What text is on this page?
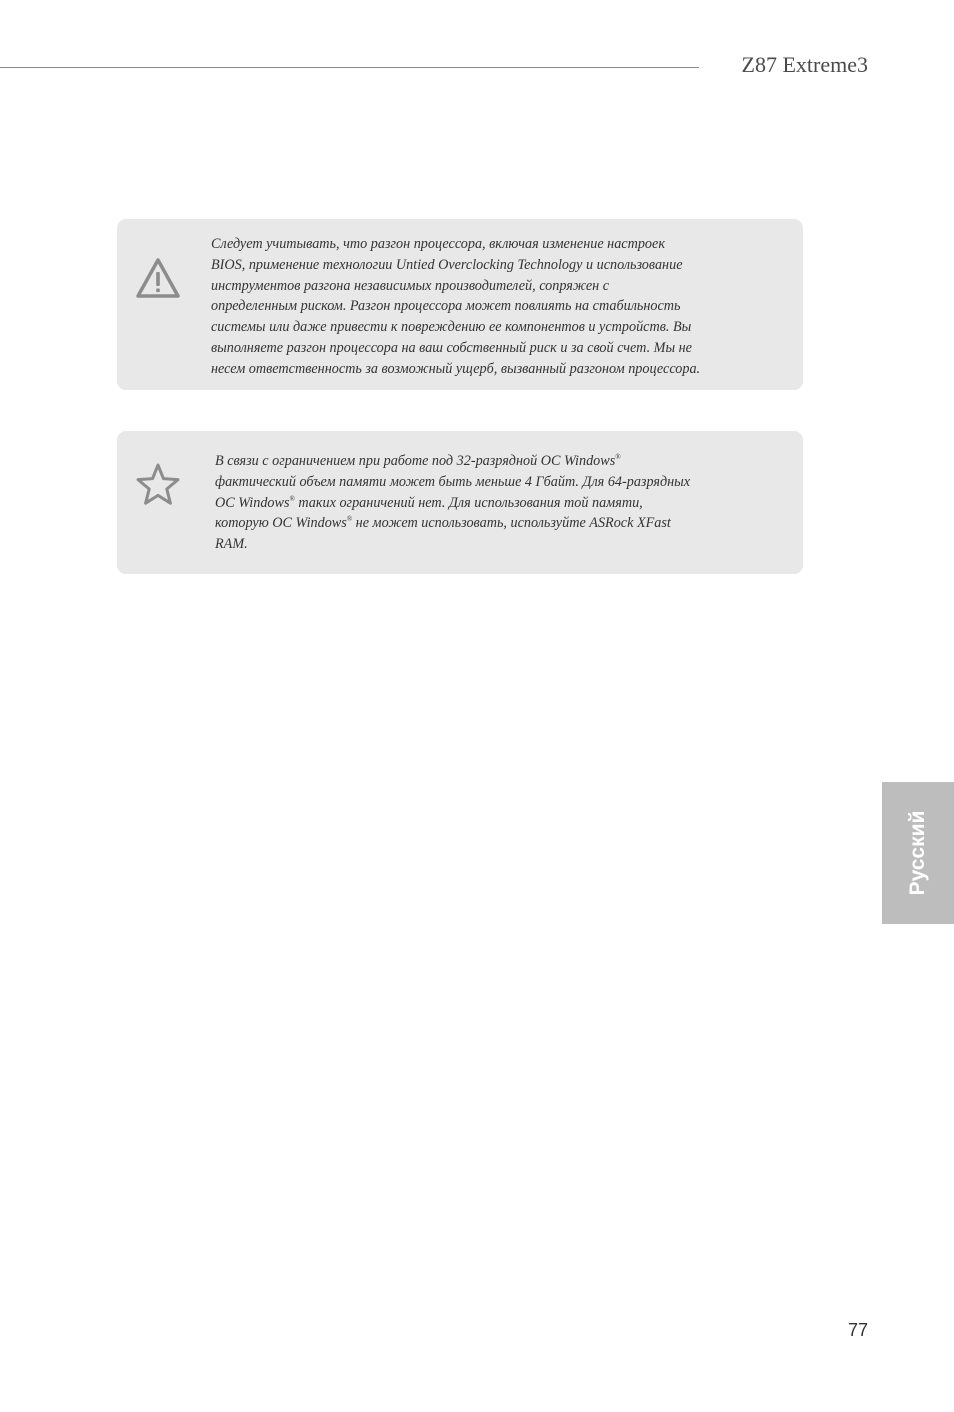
Z87 Extreme3
Следует учитывать, что разгон процессора, включая изменение настроек
BIOS, применение технологии Untied Overclocking Technology и использование
инструментов разгона независимых производителей, сопряжен с
определенным риском. Разгон процессора может повлиять на стабильность
системы или даже привести к повреждению ее компонентов и устройств. Вы
выполняете разгон процессора на ваш собственный риск и за свой счет. Мы не
несем ответственность за возможный ущерб, вызванный разгоном процессора.
В связи с ограничением при работе под 32-разрядной ОС Windows®
фактический объем памяти может быть меньше 4 Гбайт. Для 64-разрядных
ОС Windows® таких ограничений нет. Для использования той памяти,
которую ОС Windows® не может использовать, используйте ASRock XFast
RAM.
Русский
77
